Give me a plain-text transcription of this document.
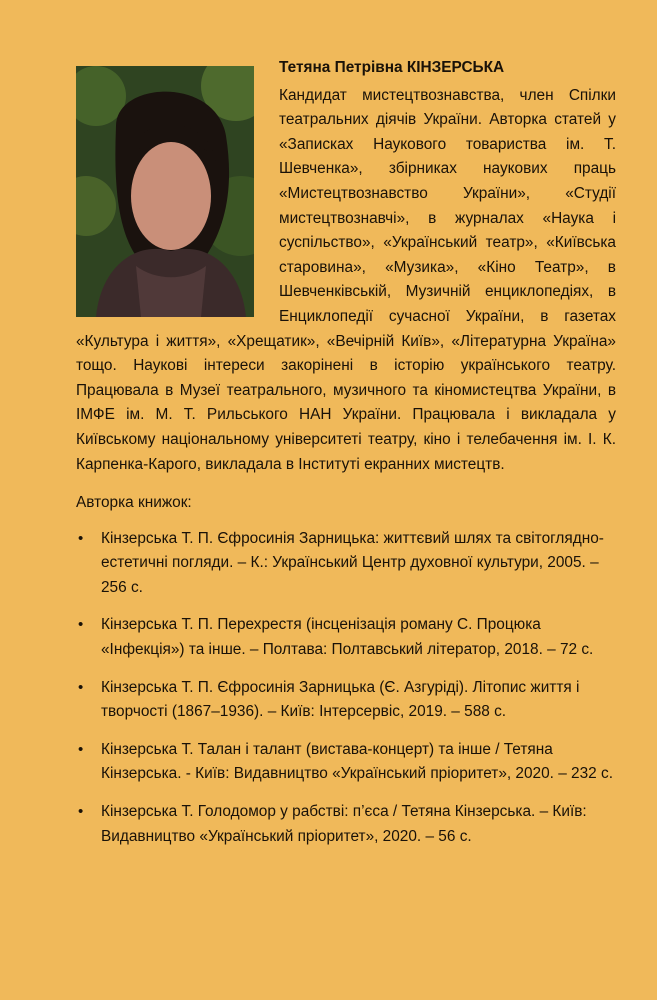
Тетяна Петрівна КІНЗЕРСЬКА

Кандидат мистецтвознавства, член Спілки театральних діячів України. Авторка статей у «Записках Наукового товариства ім. Т. Шевченка», збірниках наукових праць «Мистецтвознавство України», «Студії мистецтвознавчі», в журналах «Наука і суспільство», «Український театр», «Київська старовина», «Музика», «Кіно Театр», в Шевченківській, Музичній енциклопедіях, в Енциклопедії сучасної України, в газетах «Культура і життя», «Хрещатик», «Вечірній Київ», «Літературна Україна» тощо. Наукові інтереси закорінені в історію українського театру. Працювала в Музеї театрального, музичного та кіномистецтва України, в ІМФЕ ім. М. Т. Рильського НАН України. Працювала і викладала у Київському національному університеті театру, кіно і телебачення ім. І. К. Карпенка-Карого, викладала в Інституті екранних мистецтв.

Авторка книжок:

• Кінзерська Т. П. Єфросинія Зарницька: життєвий шлях та світоглядно-естетичні погляди. – К.: Український Центр духовної культури, 2005. – 256 с.
• Кінзерська Т. П. Перехрестя (інсценізація роману С. Процюка «Інфекція») та інше. – Полтава: Полтавський літератор, 2018. – 72 с.
• Кінзерська Т. П. Єфросинія Зарницька (Є. Азгуріді). Літопис життя і творчості (1867–1936). – Київ: Інтерсервіс, 2019. – 588 с.
• Кінзерська Т. Талан і талант (вистава-концерт) та інше / Тетяна Кінзерська. - Київ: Видавництво «Український пріоритет», 2020. – 232 с.
• Кінзерська Т. Голодомор у рабстві: п’єса / Тетяна Кінзерська. – Київ: Видавництво «Український пріоритет», 2020. – 56 с.
